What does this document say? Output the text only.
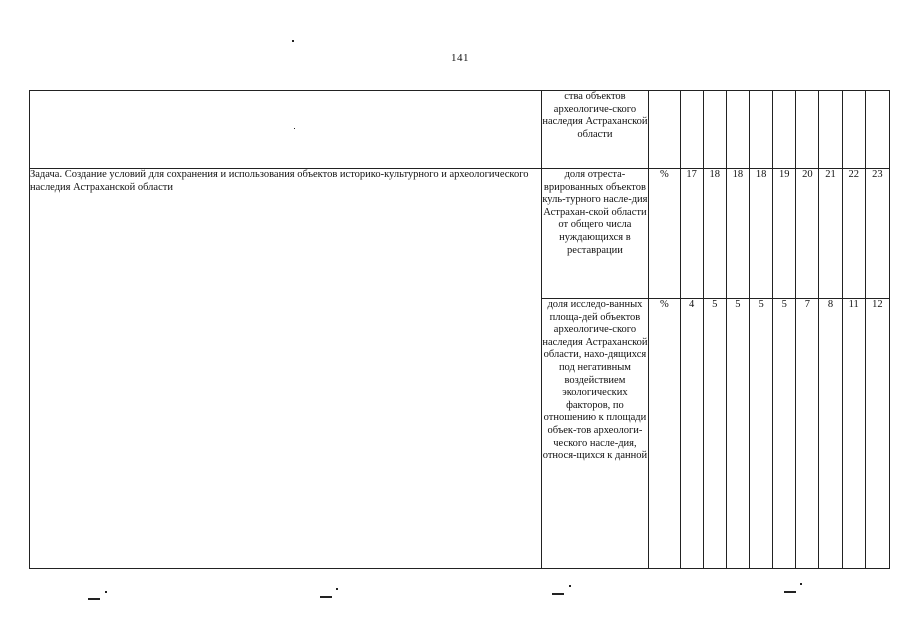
141
	ства объектов археологиче-ского наследия Астраханской области										
Задача. Создание условий для сохранения и использования объектов историко-культурного и археологического наследия Астраханской области	доля отреста-врированных объектов куль-турного насле-дия Астрахан-ской области от общего числа нуждающихся в реставрации	%	17	18	18	18	19	20	21	22	23
	доля исследо-ванных площа-дей объектов археологиче-ского наследия Астраханской области, нахо-дящихся под негативным воздействием экологических факторов, по отношению к площади объек-тов археологи-ческого насле-дия, относя-щихся к данной	%	4	5	5	5	5	7	8	11	12
